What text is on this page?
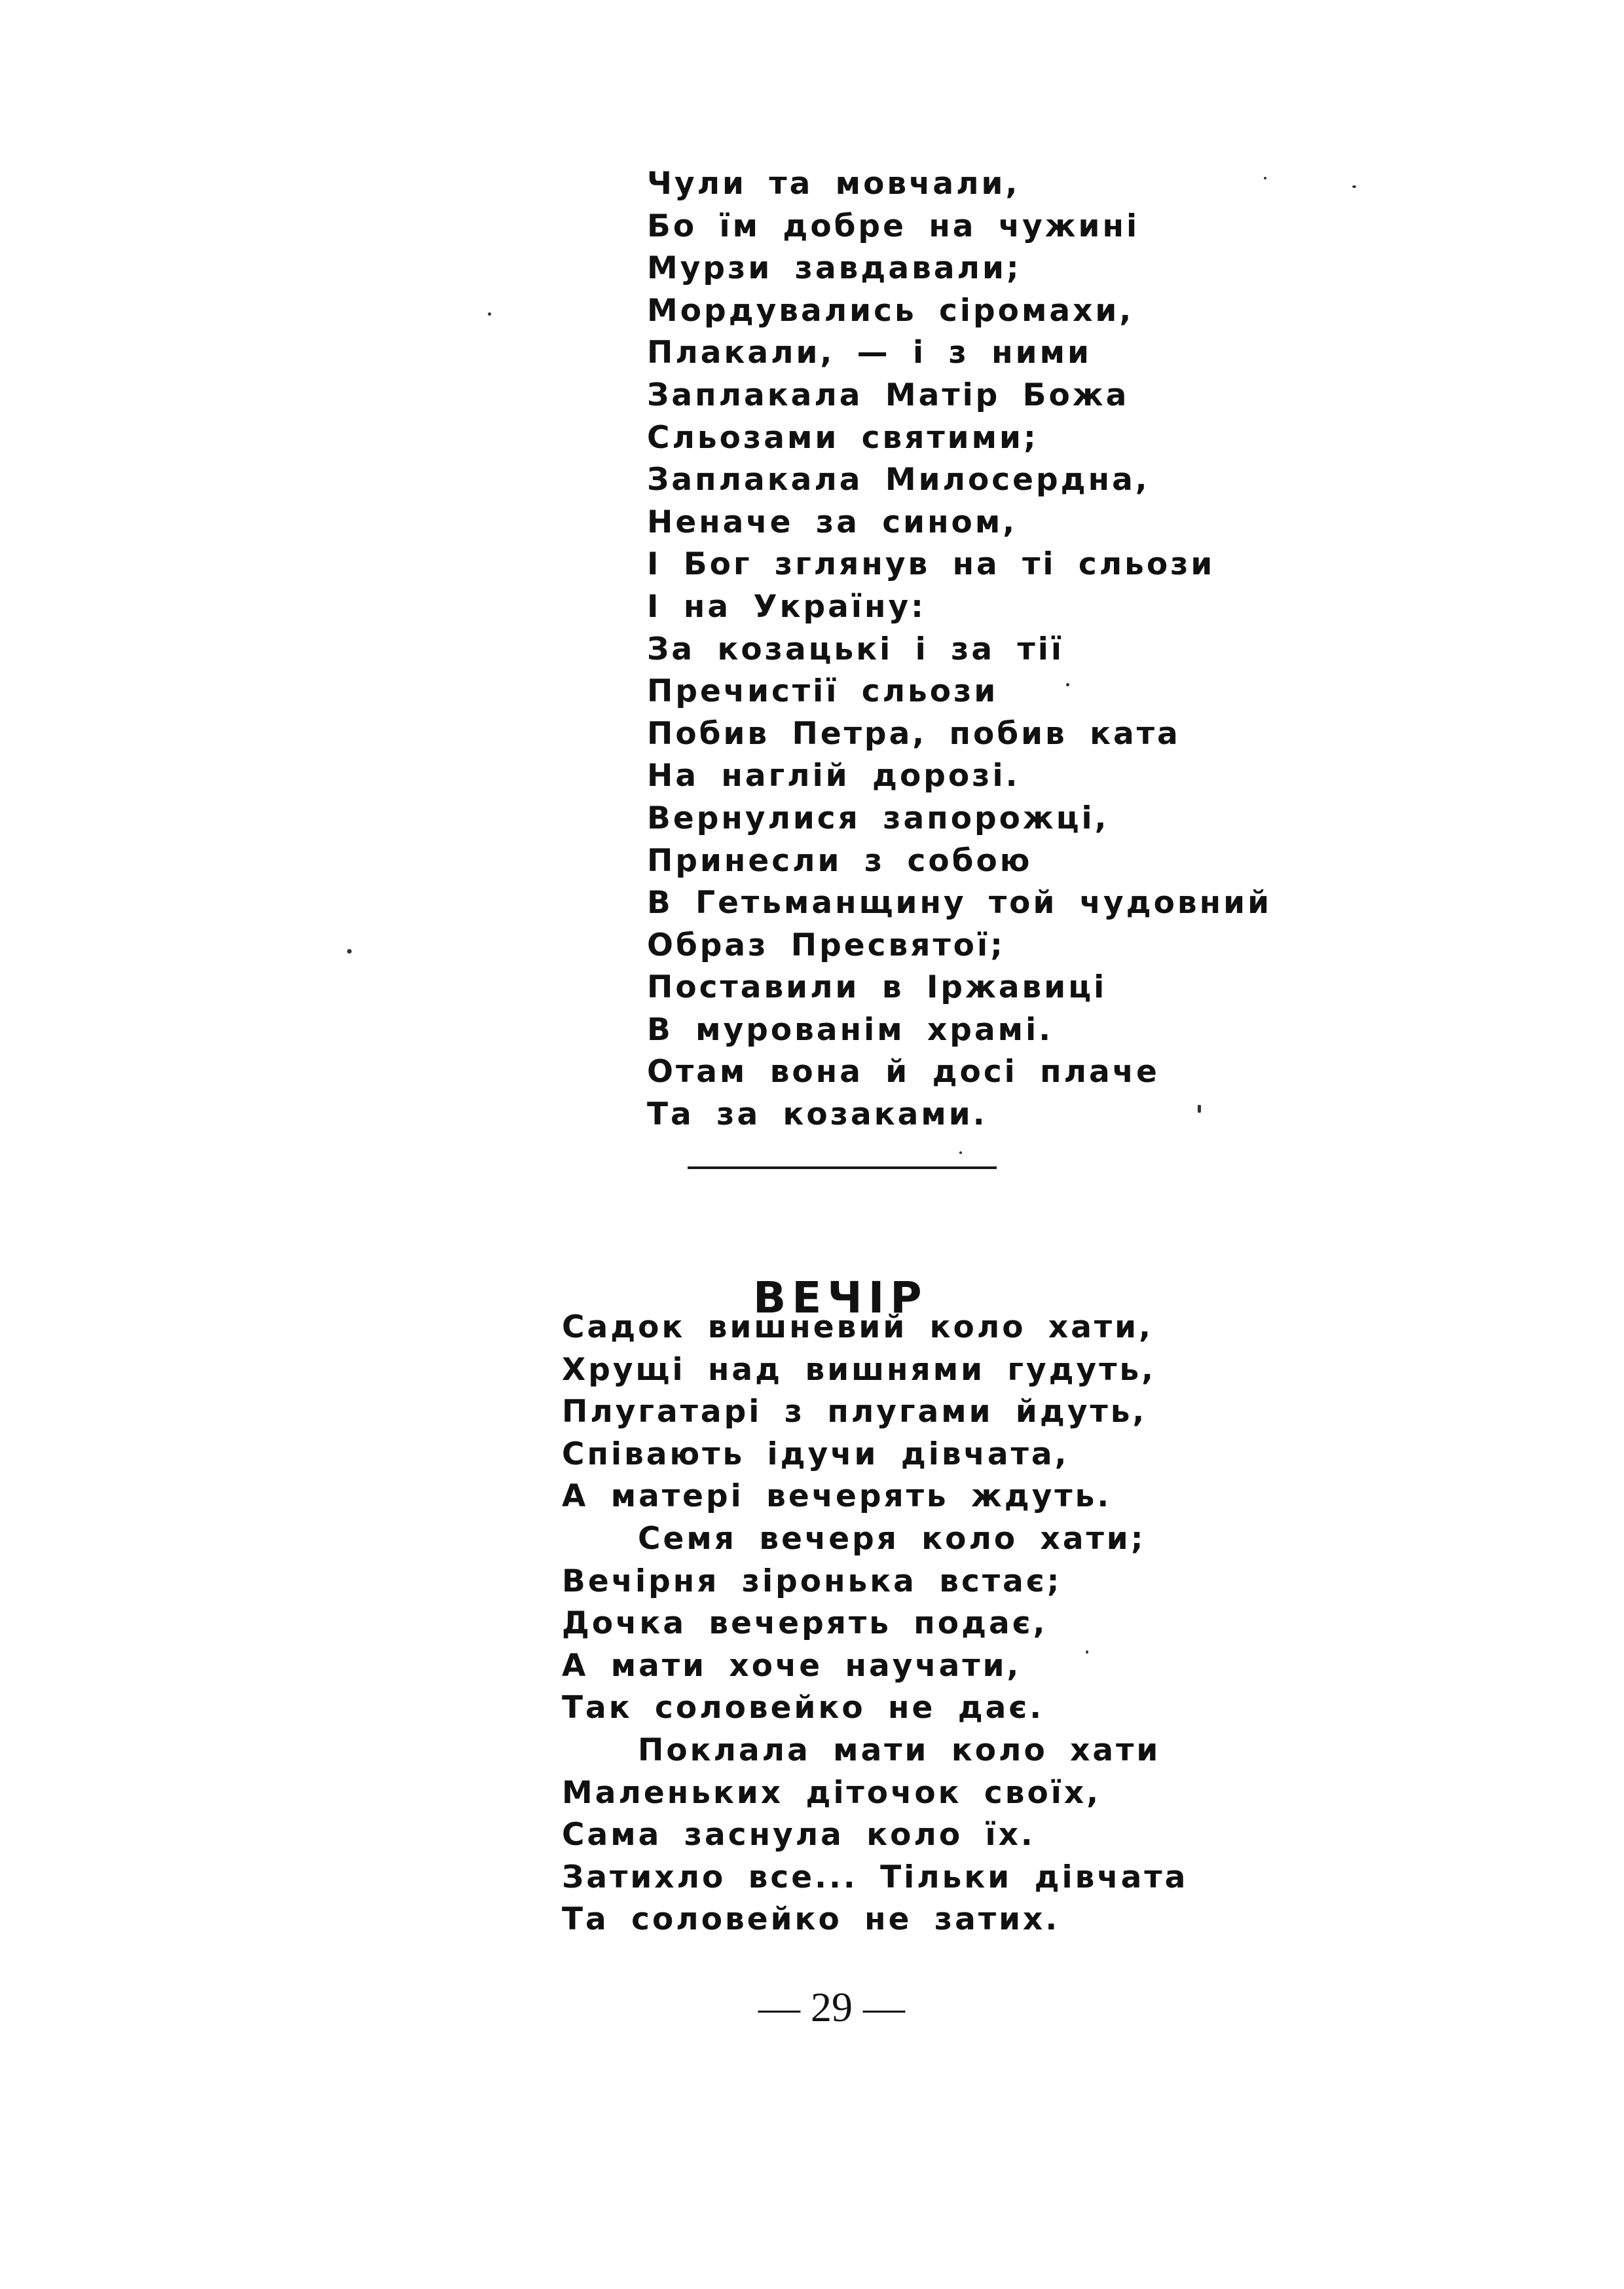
Чули та мовчали,
Бо їм добре на чужині
Мурзи завдавали;
Мордувались сіромахи,
Плакали, — і з ними
Заплакала Матір Божа
Сльозами святими;
Заплакала Милосердна,
Неначе за сином,
І Бог зглянув на ті сльози
І на Україну:
За козацькі і за тії
Пречистії сльози
Побив Петра, побив ката
На наглій дорозі.
Вернулися запорожці,
Принесли з собою
В Гетьманщину той чудовний
Образ Пресвятої;
Поставили в Іржавиці
В мурованім храмі.
Отам вона й досі плаче
Та за козаками.
ВЕЧІР
Садок вишневий коло хати,
Хрущі над вишнями гудуть,
Плугатарі з плугами йдуть,
Співають ідучи дівчата,
А матері вечерять ждуть.
Семя вечеря коло хати;
Вечірня зіронька встає;
Дочка вечерять подає,
А мати хоче научати,
Так соловейко не дає.
Поклала мати коло хати
Маленьких діточок своїх,
Сама заснула коло їх.
Затихло все... Тільки дівчата
Та соловейко не затих.
— 29 —
